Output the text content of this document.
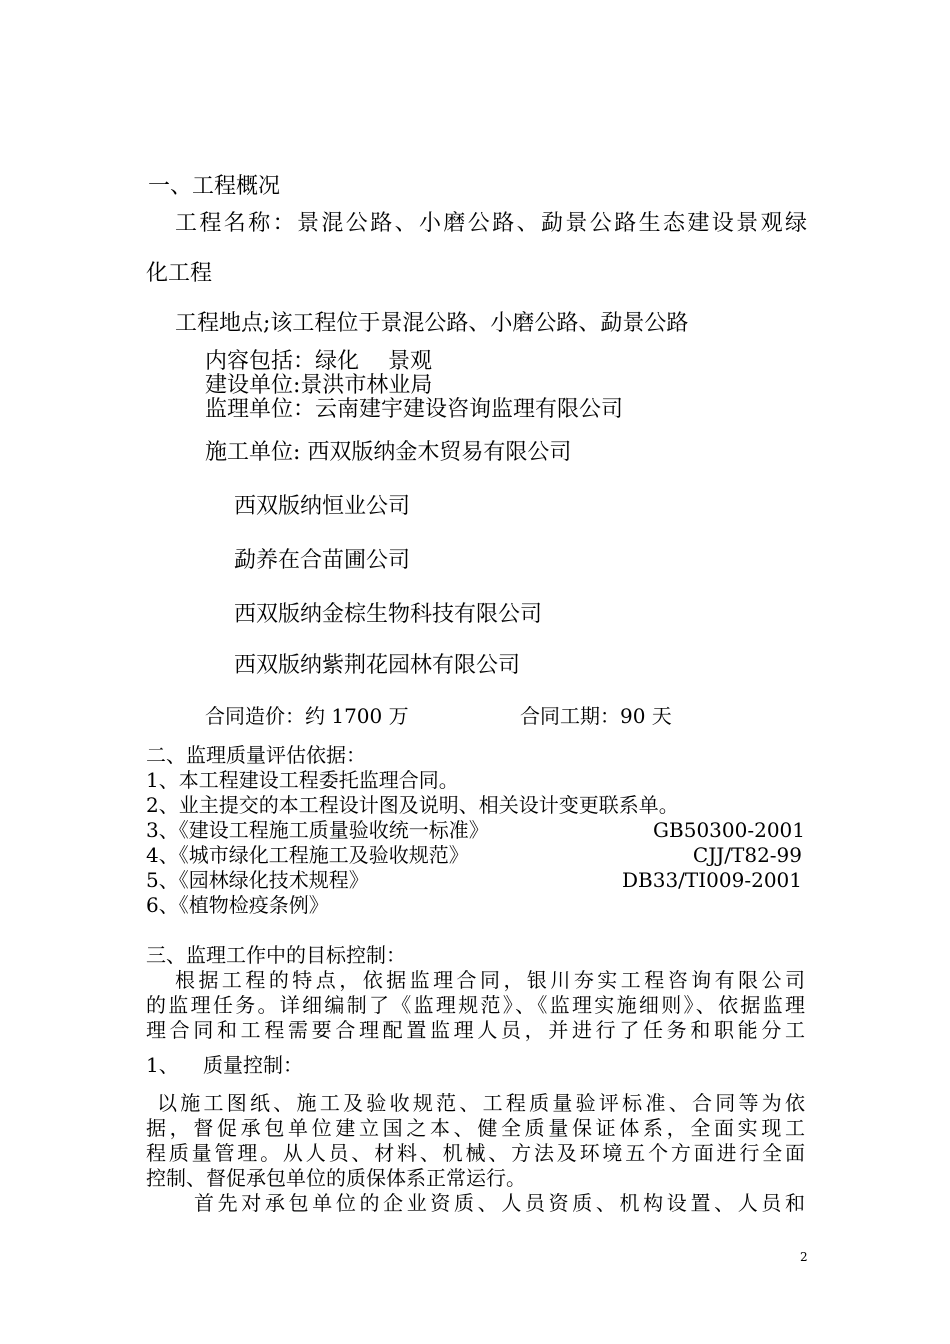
一、工程概况
工程名称：景混公路、小磨公路、勐景公路生态建设景观绿
化工程
工程地点;该工程位于景混公路、小磨公路、勐景公路
内容包括：绿化　 景观
建设单位:景洪市林业局
监理单位：云南建宇建设咨询监理有限公司
施工单位: 西双版纳金木贸易有限公司
西双版纳恒业公司
勐养在合苗圃公司
西双版纳金棕生物科技有限公司
西双版纳紫荆花园林有限公司
合同造价：约 1700 万	合同工期：90 天
二、监理质量评估依据：
1、本工程建设工程委托监理合同。
2、业主提交的本工程设计图及说明、相关设计变更联系单。
3、《建设工程施工质量验收统一标准》	GB50300-2001
4、《城市绿化工程施工及验收规范》	CJJ/T82-99
5、《园林绿化技术规程》	DB33/TI009-2001
6、《植物检疫条例》
三、监理工作中的目标控制：
根据工程的特点，依据监理合同，银川夯实工程咨询有限公司
的监理任务。详细编制了《监理规范》、《监理实施细则》、依据监理
理合同和工程需要合理配置监理人员，并进行了任务和职能分工
1、 质量控制：
以施工图纸、施工及验收规范、工程质量验评标准、合同等为依
据，督促承包单位建立国之本、健全质量保证体系，全面实现工
程质量管理。从人员、材料、机械、方法及环境五个方面进行全面
控制、督促承包单位的质保体系正常运行。
首先对承包单位的企业资质、人员资质、机构设置、人员和
2
